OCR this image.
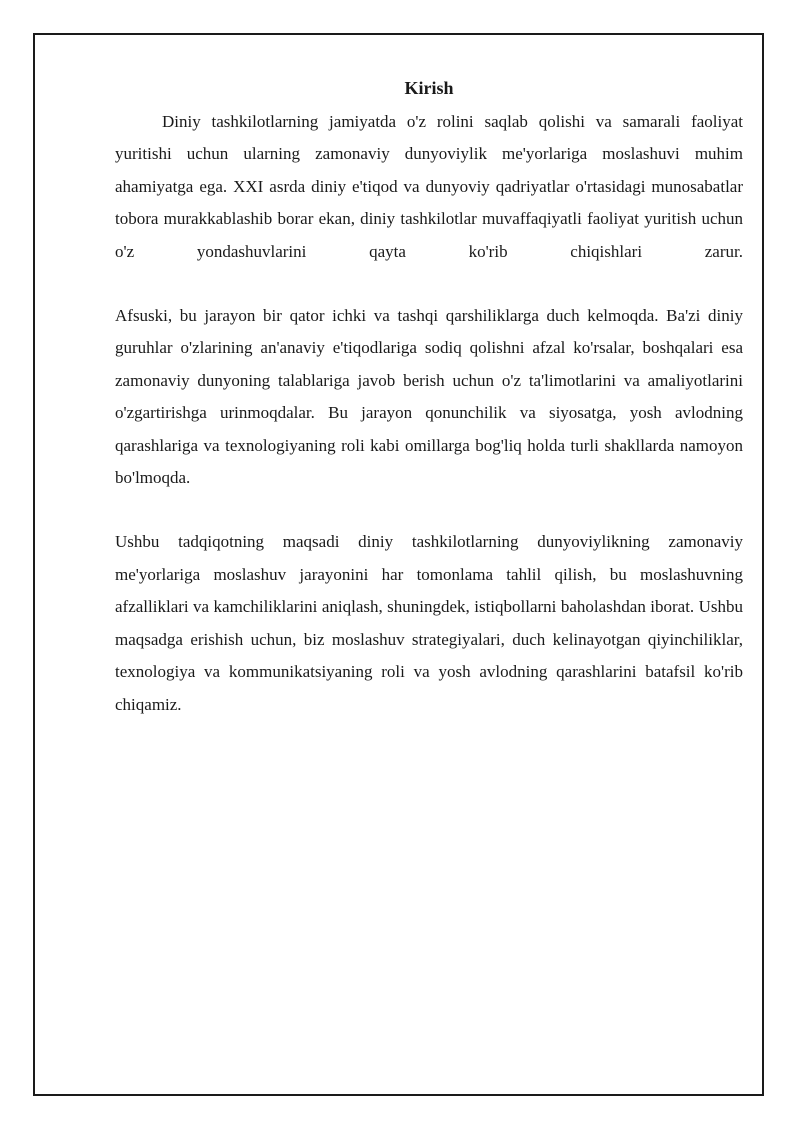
Kirish

Diniy tashkilotlarning jamiyatda o'z rolini saqlab qolishi va samarali faoliyat yuritishi uchun ularning zamonaviy dunyoviylik me'yorlariga moslashuvi muhim ahamiyatga ega. XXI asrda diniy e'tiqod va dunyoviy qadriyatlar o'rtasidagi munosabatlar tobora murakkablashib borar ekan, diniy tashkilotlar muvaffaqiyatli faoliyat yuritish uchun o'z yondashuvlarini qayta ko'rib chiqishlari zarur.

Afsuski, bu jarayon bir qator ichki va tashqi qarshiliklarga duch kelmoqda. Ba'zi diniy guruhlar o'zlarining an'anaviy e'tiqodlariga sodiq qolishni afzal ko'rsalar, boshqalari esa zamonaviy dunyoning talablariga javob berish uchun o'z ta'limotlarini va amaliyotlarini o'zgartirishga urinmoqdalar. Bu jarayon qonunchilik va siyosatga, yosh avlodning qarashlariga va texnologiyaning roli kabi omillarga bog'liq holda turli shakllarda namoyon bo'lmoqda.

Ushbu tadqiqotning maqsadi diniy tashkilotlarning dunyoviylikning zamonaviy me'yorlariga moslashuv jarayonini har tomonlama tahlil qilish, bu moslashuvning afzalliklari va kamchiliklarini aniqlash, shuningdek, istiqbollarni baholashdan iborat. Ushbu maqsadga erishish uchun, biz moslashuv strategiyalari, duch kelinayotgan qiyinchiliklar, texnologiya va kommunikatsiyaning roli va yosh avlodning qarashlarini batafsil ko'rib chiqamiz.
